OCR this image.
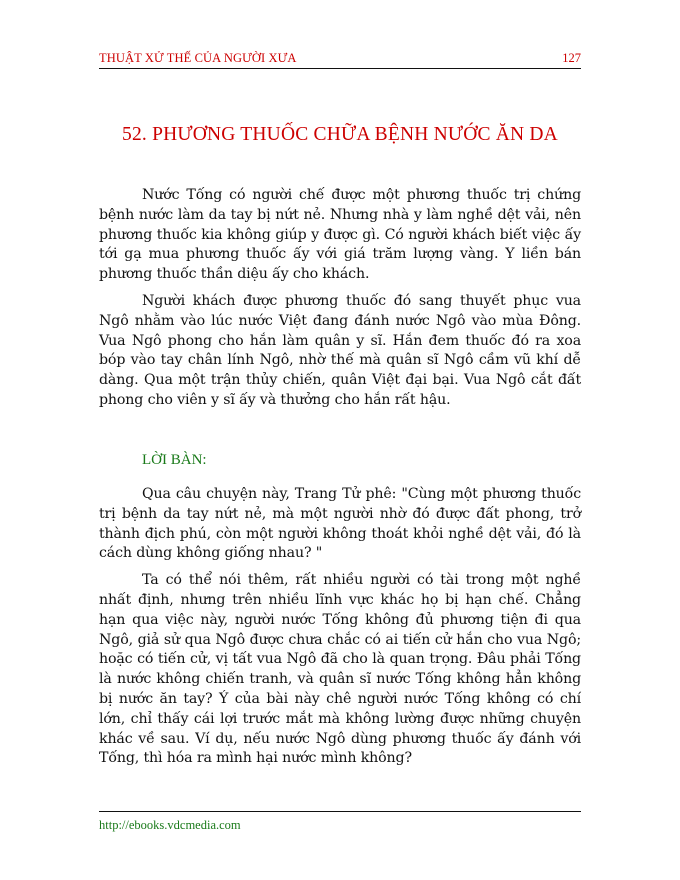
THUẬT XỬ THẾ CỦA NGƯỜI XƯA	127
52. PHƯƠNG THUỐC CHỮA BỆNH NƯỚC ĂN DA

Nước Tống có người chế được một phương thuốc trị chứng bệnh nước làm da tay bị nứt nẻ. Nhưng nhà y làm nghề dệt vải, nên phương thuốc kia không giúp y được gì. Có người khách biết việc ấy tới gạ mua phương thuốc ấy với giá trăm lượng vàng. Y liền bán phương thuốc thần diệu ấy cho khách.

Người khách được phương thuốc đó sang thuyết phục vua Ngô nhằm vào lúc nước Việt đang đánh nước Ngô vào mùa Đông. Vua Ngô phong cho hắn làm quân y sĩ. Hắn đem thuốc đó ra xoa bóp vào tay chân lính Ngô, nhờ thế mà quân sĩ Ngô cầm vũ khí dễ dàng. Qua một trận thủy chiến, quân Việt đại bại. Vua Ngô cắt đất phong cho viên y sĩ ấy và thưởng cho hắn rất hậu.

LỜI BÀN:

Qua câu chuyện này, Trang Tử phê: "Cùng một phương thuốc trị bệnh da tay nứt nẻ, mà một người nhờ đó được đất phong, trở thành địch phú, còn một người không thoát khỏi nghề dệt vải, đó là cách dùng không giống nhau? "

Ta có thể nói thêm, rất nhiều người có tài trong một nghề nhất định, nhưng trên nhiều lĩnh vực khác họ bị hạn chế. Chẳng hạn qua việc này, người nước Tống không đủ phương tiện đi qua Ngô, giả sử qua Ngô được chưa chắc có ai tiến cử hắn cho vua Ngô; hoặc có tiến cử, vị tất vua Ngô đã cho là quan trọng. Đâu phải Tống là nước không chiến tranh, và quân sĩ nước Tống không hẳn không bị nước ăn tay? Ý của bài này chê người nước Tống không có chí lớn, chỉ thấy cái lợi trước mắt mà không lường được những chuyện khác về sau. Ví dụ, nếu nước Ngô dùng phương thuốc ấy đánh với Tống, thì hóa ra mình hại nước mình không?

http://ebooks.vdcmedia.com
